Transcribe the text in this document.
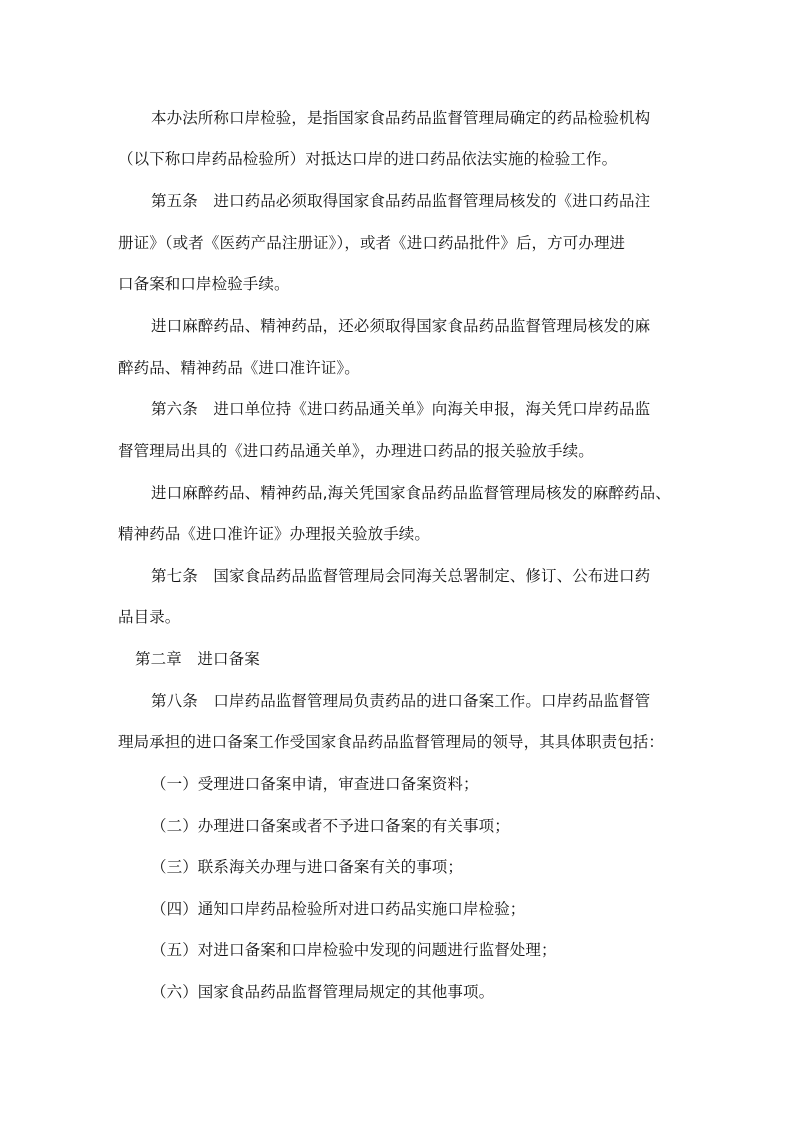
本办法所称口岸检验，是指国家食品药品监督管理局确定的药品检验机构
（以下称口岸药品检验所）对抵达口岸的进口药品依法实施的检验工作。
第五条　进口药品必须取得国家食品药品监督管理局核发的《进口药品注
册证》（或者《医药产品注册证》），或者《进口药品批件》后，方可办理进
口备案和口岸检验手续。
进口麻醉药品、精神药品，还必须取得国家食品药品监督管理局核发的麻
醉药品、精神药品《进口准许证》。
第六条　进口单位持《进口药品通关单》向海关申报，海关凭口岸药品监
督管理局出具的《进口药品通关单》，办理进口药品的报关验放手续。
进口麻醉药品、精神药品,海关凭国家食品药品监督管理局核发的麻醉药品、
精神药品《进口准许证》办理报关验放手续。
第七条　国家食品药品监督管理局会同海关总署制定、修订、公布进口药
品目录。
第二章　进口备案
第八条　口岸药品监督管理局负责药品的进口备案工作。口岸药品监督管
理局承担的进口备案工作受国家食品药品监督管理局的领导，其具体职责包括：
（一）受理进口备案申请，审查进口备案资料；
（二）办理进口备案或者不予进口备案的有关事项；
（三）联系海关办理与进口备案有关的事项；
（四）通知口岸药品检验所对进口药品实施口岸检验；
（五）对进口备案和口岸检验中发现的问题进行监督处理；
（六）国家食品药品监督管理局规定的其他事项。
